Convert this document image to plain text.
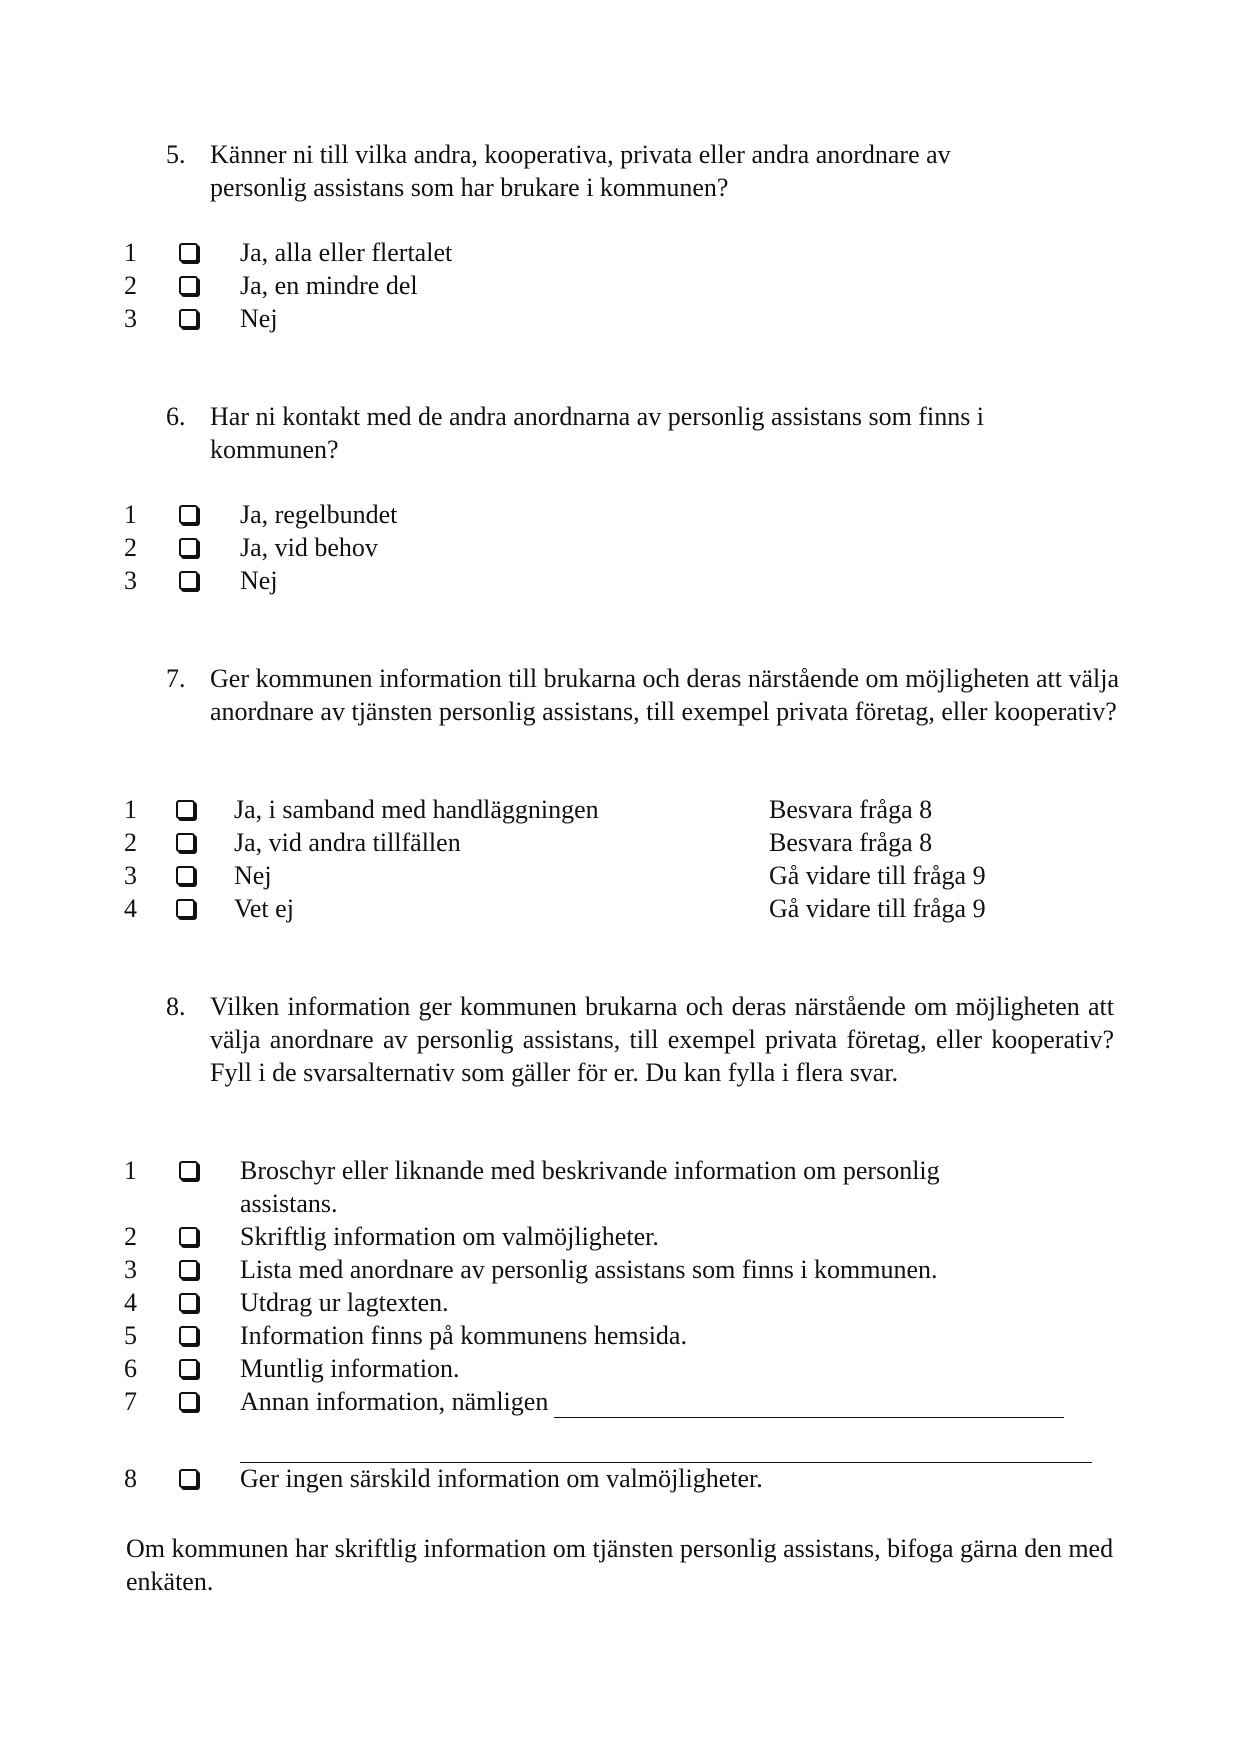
5. Känner ni till vilka andra, kooperativa, privata eller andra anordnare av personlig assistans som har brukare i kommunen?
1	Ja, alla eller flertalet
2	Ja, en mindre del
3	Nej
6. Har ni kontakt med de andra anordnarna av personlig assistans som finns i kommunen?
1	Ja, regelbundet
2	Ja, vid behov
3	Nej
7. Ger kommunen information till brukarna och deras närstående om möjligheten att välja anordnare av tjänsten personlig assistans, till exempel privata företag, eller kooperativ?
1	Ja, i samband med handläggningen	Besvara fråga 8
2	Ja, vid andra tillfällen	Besvara fråga 8
3	Nej	Gå vidare till fråga 9
4	Vet ej	Gå vidare till fråga 9
8. Vilken information ger kommunen brukarna och deras närstående om möjligheten att välja anordnare av personlig assistans, till exempel privata företag, eller kooperativ? Fyll i de svarsalternativ som gäller för er. Du kan fylla i flera svar.
1	Broschyr eller liknande med beskrivande information om personlig assistans.
2	Skriftlig information om valmöjligheter.
3	Lista med anordnare av personlig assistans som finns i kommunen.
4	Utdrag ur lagtexten.
5	Information finns på kommunens hemsida.
6	Muntlig information.
7	Annan information, nämligen
8	Ger ingen särskild information om valmöjligheter.
Om kommunen har skriftlig information om tjänsten personlig assistans, bifoga gärna den med enkäten.
